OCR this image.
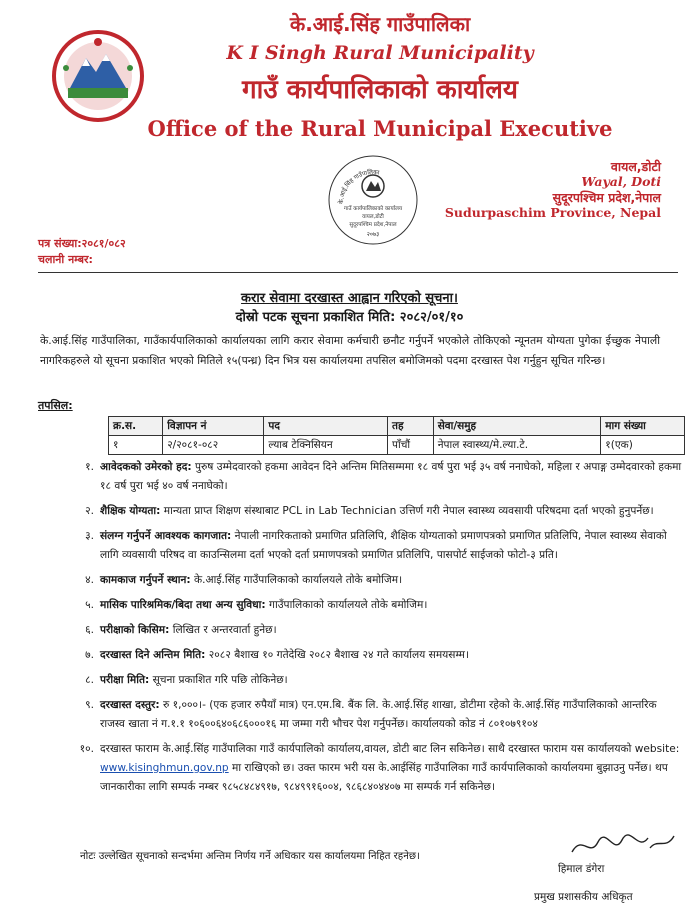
के.आई.सिंह गाउँपालिका
K I Singh Rural Municipality
गाउँ कार्यपालिकाको कार्यालय
Office of the Rural Municipal Executive
के.आई.सिंह गाउँपालिका
गाउँ कार्यपालिकाको कार्यालय
वायल,डोटी
सुदूरपश्चिम प्रदेश,नेपाल
२०७३
वायल,डोटी
Wayal, Doti
सुदूरपश्चिम प्रदेश,नेपाल
Sudurpaschim Province, Nepal
पत्र संख्या:२०८१/०८२
चलानी नम्बर:
करार सेवामा दरखास्त आह्वान गरिएको सूचना।
दोस्रो पटक सूचना प्रकाशित मिति: २०८२/०१/१०
के.आई.सिंह गाउँपालिका, गाउँकार्यपालिकाको कार्यालयका लागि करार सेवामा कर्मचारी छनौट गर्नुपर्ने भएकोले तोकिएको न्यूनतम योग्यता पुगेका ईच्छुक नेपाली नागरिकहरुले यो सूचना प्रकाशित भएको मितिले १५(पन्ध्र) दिन भित्र यस कार्यालयमा तपसिल बमोजिमको पदमा दरखास्त पेश गर्नुहुन सूचित गरिन्छ।
तपसिल:
क्र.स.	विज्ञापन नं	पद	तह	सेवा/समुह	माग संख्या
१	२/२०८१-०८२	ल्याब टेक्निसियन	पाँचौं	नेपाल स्वास्थ्य/मे.ल्या.टे.	१(एक)
१. आवेदकको उमेरको हद: पुरुष उम्मेदवारको हकमा आवेदन दिने अन्तिम मितिसम्ममा १८ वर्ष पुरा भई ३५ वर्ष ननाघेको, महिला र अपाङ्ग उम्मेदवारको हकमा १८ वर्ष पुरा भई ४० वर्ष ननाघेको।
२. शैक्षिक योग्यता: मान्यता प्राप्त शिक्षण संस्थाबाट PCL in Lab Technician उत्तिर्ण गरी नेपाल स्वास्थ्य व्यवसायी परिषदमा दर्ता भएको हुनुपर्नेछ।
३. संलग्न गर्नुपर्ने आवश्यक कागजात: नेपाली नागरिकताको प्रमाणित प्रतिलिपि, शैक्षिक योग्यताको प्रमाणपत्रको प्रमाणित प्रतिलिपि, नेपाल स्वास्थ्य सेवाको लागि व्यवसायी परिषद वा काउन्सिलमा दर्ता भएको दर्ता प्रमाणपत्रको प्रमाणित प्रतिलिपि, पासपोर्ट साईजको फोटो-३ प्रति।
४. कामकाज गर्नुपर्ने स्थान: के.आई.सिंह गाउँपालिकाको कार्यालयले तोके बमोजिम।
५. मासिक पारिश्रमिक/बिदा तथा अन्य सुविधा: गाउँपालिकाको कार्यालयले तोके बमोजिम।
६. परीक्षाको किसिम: लिखित र अन्तरवार्ता हुनेछ।
७. दरखास्त दिने अन्तिम मिति: २०८२ बैशाख १० गतेदेखि २०८२ बैशाख २४ गते कार्यालय समयसम्म।
८. परीक्षा मिति: सूचना प्रकाशित गरि पछि तोकिनेछ।
९. दरखास्त दस्तुर: रु १,०००।- (एक हजार रुपैयाँ मात्र) एन.एम.बि. बैंक लि. के.आई.सिंह शाखा, डोटीमा रहेको के.आई.सिंह गाउँपालिकाको आन्तरिक राजस्व खाता नं ग.१.१ १०६००६४०६८६०००१६ मा जम्मा गरी भौचर पेश गर्नुपर्नेछ। कार्यालयको कोड नं ८०१०७९१०४
१०. दरखास्त फाराम के.आई.सिंह गाउँपालिका गाउँ कार्यपालिको कार्यालय,वायल, डोटी बाट लिन सकिनेछ। साथै दरखास्त फाराम यस कार्यालयको website: www.kisinghmun.gov.np मा राखिएको छ। उक्त फारम भरी यस के.आईसिंह गाउँपालिका गाउँ कार्यपालिकाको कार्यालयमा बुझाउनु पर्नेछ। थप जानकारीका लागि सम्पर्क नम्बर ९८५८४८४९१७, ९८४९९१६००४, ९८६८४०४४०७ मा सम्पर्क गर्न सकिनेछ।
नोटः उल्लेखित सूचनाको सन्दर्भमा अन्तिम निर्णय गर्ने अधिकार यस कार्यालयमा निहित रहनेछ।
हिमाल डंगेरा
प्रमुख प्रशासकीय अधिकृत
